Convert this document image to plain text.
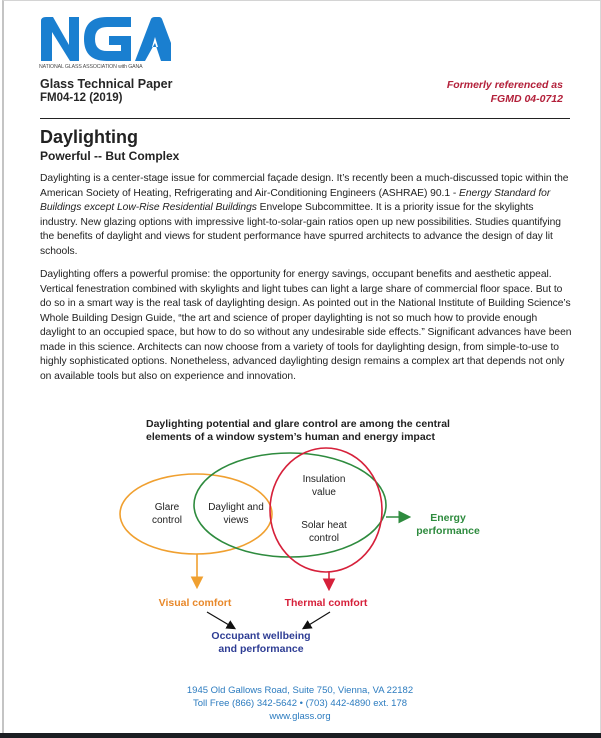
NATIONAL GLASS ASSOCIATION with GANA
Glass Technical Paper
FM04-12 (2019)
Formerly referenced as
FGMD 04-0712
Daylighting
Powerful -- But Complex
Daylighting is a center-stage issue for commercial façade design. It’s recently been a much-discussed topic within the American Society of Heating, Refrigerating and Air-Conditioning Engineers (ASHRAE) 90.1 - Energy Standard for Buildings except Low-Rise Residential Buildings Envelope Subcommittee. It is a priority issue for the skylights industry. New glazing options with impressive light-to-solar-gain ratios open up new possibilities. Studies quantifying the benefits of daylight and views for student performance have spurred architects to advance the design of day lit schools.
Daylighting offers a powerful promise: the opportunity for energy savings, occupant benefits and aesthetic appeal. Vertical fenestration combined with skylights and light tubes can light a large share of commercial floor space. But to do so in a smart way is the real task of daylighting design. As pointed out in the National Institute of Building Science’s Whole Building Design Guide, “the art and science of proper daylighting is not so much how to provide enough daylight to an occupied space, but how to do so without any undesirable side effects.” Significant advances have been made in this science. Architects can now choose from a variety of tools for daylighting design, from simple-to-use to highly sophisticated options. Nonetheless, advanced daylighting design remains a complex art that depends not only on available tools but also on experience and innovation.
Daylighting potential and glare control are among the central
elements of a window system’s human and energy impact
Glare
control
Daylight and
views
Insulation
value
Solar heat
control
Energy
performance
Visual comfort	Thermal comfort
Occupant wellbeing
and performance
1945 Old Gallows Road, Suite 750, Vienna, VA 22182
Toll Free (866) 342-5642 • (703) 442-4890 ext. 178
www.glass.org
